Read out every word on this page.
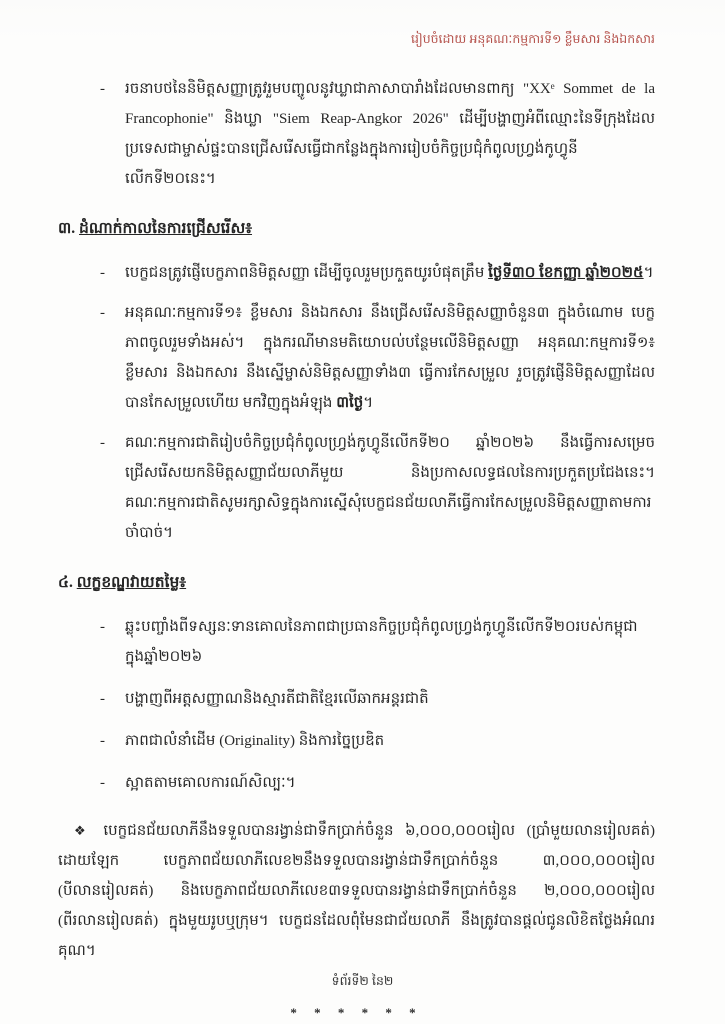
រៀបចំដោយ អនុគណៈកម្មការទី១ ខ្លឹមសារ និងឯកសារ
-	រចនាបថនៃនិមិត្តសញ្ញាត្រូវរួមបញ្ចូលនូវឃ្លាជាភាសាបារាំងដែលមានពាក្យ "XXᵉ Sommet de la Francophonie" និងឃ្លា "Siem Reap-Angkor 2026" ដើម្បីបង្ហាញអំពីឈ្មោះនៃទីក្រុងដែលប្រទេសជាម្ចាស់ផ្ទះបានជ្រើសរើសធ្វើជាកន្លែងក្នុងការរៀបចំកិច្ចប្រជុំកំពូលហ្វ្រង់កូហ្វូនីលើកទី២០នេះ។
៣. ដំណាក់កាលនៃការជ្រើសរើស៖
-	បេក្ខជនត្រូវផ្ញើបេក្ខភាពនិមិត្តសញ្ញា ដើម្បីចូលរួមប្រកួតយូរបំផុតត្រឹម ថ្ងៃទី៣០ ខែកញ្ញា ឆ្នាំ២០២៥។
-	អនុគណៈកម្មការទី១៖ ខ្លឹមសារ និងឯកសារ នឹងជ្រើសរើសនិមិត្តសញ្ញាចំនួន៣ ក្នុងចំណោម បេក្ខភាពចូលរួមទាំងអស់។ ក្នុងករណីមានមតិយោបល់បន្ថែមលើនិមិត្តសញ្ញា អនុគណៈកម្មការទី១៖ខ្លឹមសារ និងឯកសារ នឹងស្នើម្ចាស់និមិត្តសញ្ញាទាំង៣ ធ្វើការកែសម្រួល រួចត្រូវផ្ញើនិមិត្តសញ្ញាដែលបានកែសម្រួលហើយ មកវិញក្នុងអំឡុង ៣ថ្ងៃ។
-	គណៈកម្មការជាតិរៀបចំកិច្ចប្រជុំកំពូលហ្វ្រង់កូហ្វូនីលើកទី២០ ឆ្នាំ២០២៦ នឹងធ្វើការសម្រេចជ្រើសរើសយកនិមិត្តសញ្ញាជ័យលាភីមួយ និងប្រកាសលទ្ធផលនៃការប្រកួតប្រជែងនេះ។ គណៈកម្មការជាតិសូមរក្សាសិទ្ធក្នុងការស្នើសុំបេក្ខជនជ័យលាភីធ្វើការកែសម្រួលនិមិត្តសញ្ញាតាមការចាំបាច់។
៤. លក្ខខណ្ឌវាយតម្លៃ៖
-	ឆ្លុះបញ្ចាំងពីទស្សនៈទានគោលនៃភាពជាប្រធានកិច្ចប្រជុំកំពូលហ្វ្រង់កូហ្វូនីលើកទី២០របស់កម្ពុជាក្នុងឆ្នាំ២០២៦
-	បង្ហាញពីអត្តសញ្ញាណនិងស្មារតីជាតិខ្មែរលើឆាកអន្តរជាតិ
-	ភាពជាលំនាំដើម (Originality) និងការច្នៃប្រឌិត
-	ស្អាតតាមគោលការណ៍សិល្បៈ។

❖ បេក្ខជនជ័យលាភីនឹងទទួលបានរង្វាន់ជាទឹកប្រាក់ចំនួន ៦,០០០,០០០រៀល (ប្រាំមួយលានរៀលគត់) ដោយឡែក បេក្ខភាពជ័យលាភីលេខ២នឹងទទួលបានរង្វាន់ជាទឹកប្រាក់ចំនួន ៣,០០០,០០០រៀល (បីលានរៀលគត់) និងបេក្ខភាពជ័យលាភីលេខ៣ទទួលបានរង្វាន់ជាទឹកប្រាក់ចំនួន ២,០០០,០០០រៀល (ពីរលានរៀលគត់) ក្នុងមួយរូបឬក្រុម។ បេក្ខជនដែលពុំមែនជាជ័យលាភី នឹងត្រូវបានផ្តល់ជូនលិខិតថ្លែងអំណរគុណ។

* * * * * *
ទំព័រទី២ នៃ២
